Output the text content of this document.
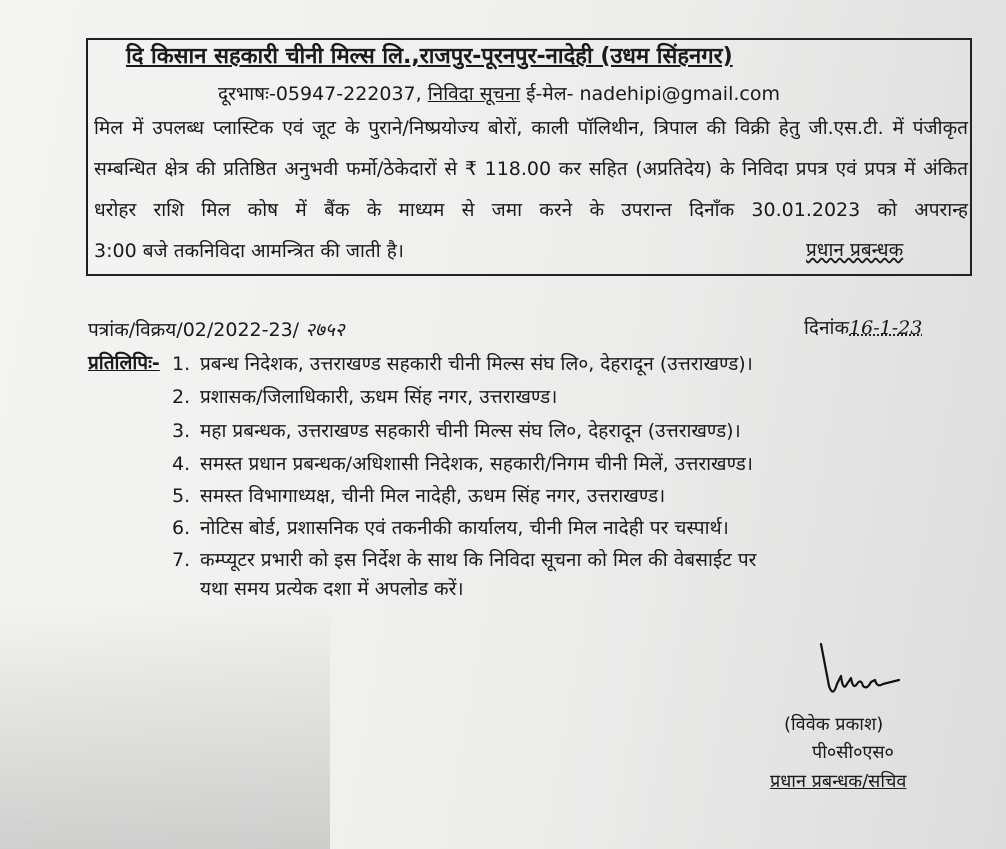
दि किसान सहकारी चीनी मिल्स लि.,राजपुर-पूरनपुर-नादेही (उधम सिंहनगर)
दूरभाषः-05947-222037, निविदा सूचना ई-मेल- nadehipi@gmail.com
मिल में उपलब्ध प्लास्टिक एवं जूट के पुराने/निष्प्रयोज्य बोरों, काली पॉलिथीन, त्रिपाल की विक्री हेतु जी.एस.टी. में पंजीकृत सम्बन्धित क्षेत्र की प्रतिष्ठित अनुभवी फर्मो/ठेकेदारों से ₹ 118.00 कर सहित (अप्रतिदेय) के निविदा प्रपत्र एवं प्रपत्र में अंकित धरोहर राशि मिल कोष में बैंक के माध्यम से जमा करने के उपरान्त दिनाँक 30.01.2023 को अपरान्ह
3:00 बजे तकनिविदा आमन्त्रित की जाती है।	प्रधान प्रबन्धक
पत्रांक/विक्रय/02/2022-23/ २७५२	दिनांक16-1-23
प्रतिलिपिः- 1. प्रबन्ध निदेशक, उत्तराखण्ड सहकारी चीनी मिल्स संघ लि०, देहरादून (उत्तराखण्ड)।
2. प्रशासक/जिलाधिकारी, ऊधम सिंह नगर, उत्तराखण्ड।
3. महा प्रबन्धक, उत्तराखण्ड सहकारी चीनी मिल्स संघ लि०, देहरादून (उत्तराखण्ड)।
4. समस्त प्रधान प्रबन्धक/अधिशासी निदेशक, सहकारी/निगम चीनी मिलें, उत्तराखण्ड।
5. समस्त विभागाध्यक्ष, चीनी मिल नादेही, ऊधम सिंह नगर, उत्तराखण्ड।
6. नोटिस बोर्ड, प्रशासनिक एवं तकनीकी कार्यालय, चीनी मिल नादेही पर चस्पार्थ।
7. कम्प्यूटर प्रभारी को इस निर्देश के साथ कि निविदा सूचना को मिल की वेबसाईट पर
यथा समय प्रत्येक दशा में अपलोड करें।
(विवेक प्रकाश)
पी०सी०एस०
प्रधान प्रबन्धक/सचिव
